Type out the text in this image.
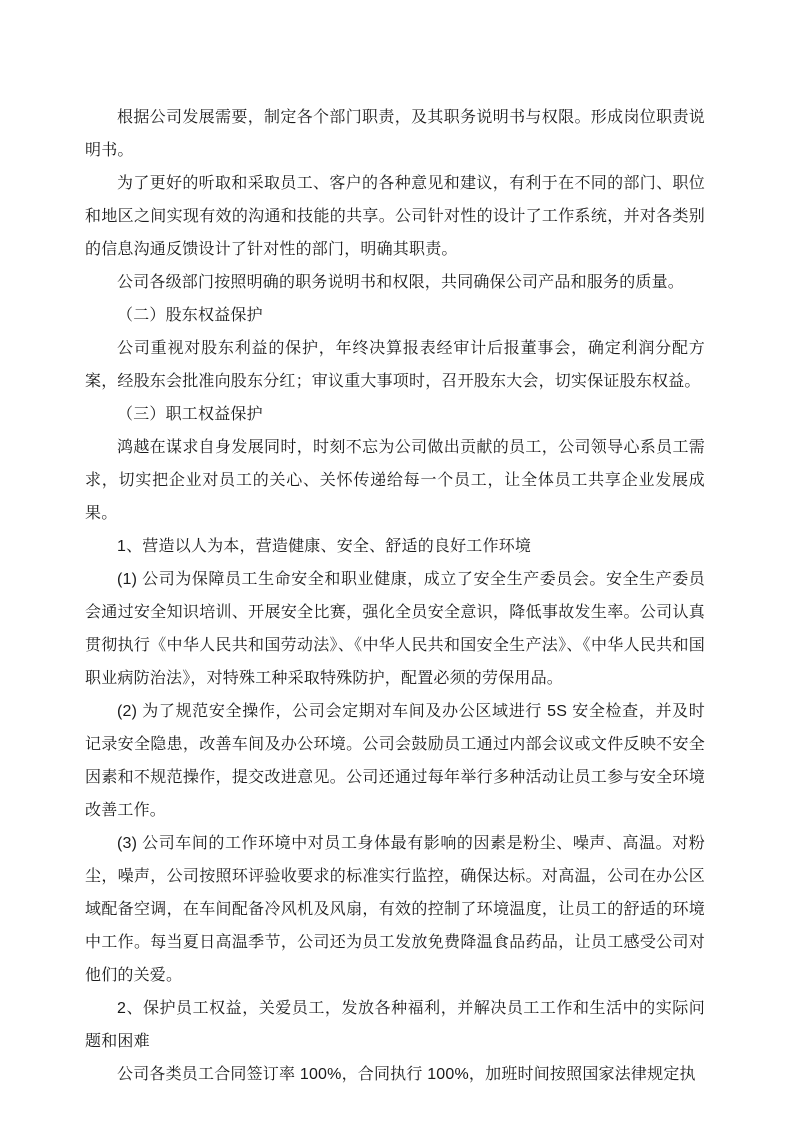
根据公司发展需要，制定各个部门职责，及其职务说明书与权限。形成岗位职责说明书。

为了更好的听取和采取员工、客户的各种意见和建议，有利于在不同的部门、职位和地区之间实现有效的沟通和技能的共享。公司针对性的设计了工作系统，并对各类别的信息沟通反馈设计了针对性的部门，明确其职责。

公司各级部门按照明确的职务说明书和权限，共同确保公司产品和服务的质量。

（二）股东权益保护

公司重视对股东利益的保护，年终决算报表经审计后报董事会，确定利润分配方案，经股东会批准向股东分红；审议重大事项时，召开股东大会，切实保证股东权益。

（三）职工权益保护

鸿越在谋求自身发展同时，时刻不忘为公司做出贡献的员工，公司领导心系员工需求，切实把企业对员工的关心、关怀传递给每一个员工，让全体员工共享企业发展成果。

1、营造以人为本，营造健康、安全、舒适的良好工作环境

(1) 公司为保障员工生命安全和职业健康，成立了安全生产委员会。安全生产委员会通过安全知识培训、开展安全比赛，强化全员安全意识，降低事故发生率。公司认真贯彻执行《中华人民共和国劳动法》、《中华人民共和国安全生产法》、《中华人民共和国职业病防治法》，对特殊工种采取特殊防护，配置必须的劳保用品。

(2) 为了规范安全操作，公司会定期对车间及办公区域进行 5S 安全检查，并及时记录安全隐患，改善车间及办公环境。公司会鼓励员工通过内部会议或文件反映不安全因素和不规范操作，提交改进意见。公司还通过每年举行多种活动让员工参与安全环境改善工作。

(3) 公司车间的工作环境中对员工身体最有影响的因素是粉尘、噪声、高温。对粉尘，噪声，公司按照环评验收要求的标准实行监控，确保达标。对高温，公司在办公区域配备空调，在车间配备冷风机及风扇，有效的控制了环境温度，让员工的舒适的环境中工作。每当夏日高温季节，公司还为员工发放免费降温食品药品，让员工感受公司对他们的关爱。

2、保护员工权益，关爱员工，发放各种福利，并解决员工工作和生活中的实际问题和困难

公司各类员工合同签订率 100%，合同执行 100%，加班时间按照国家法律规定执
